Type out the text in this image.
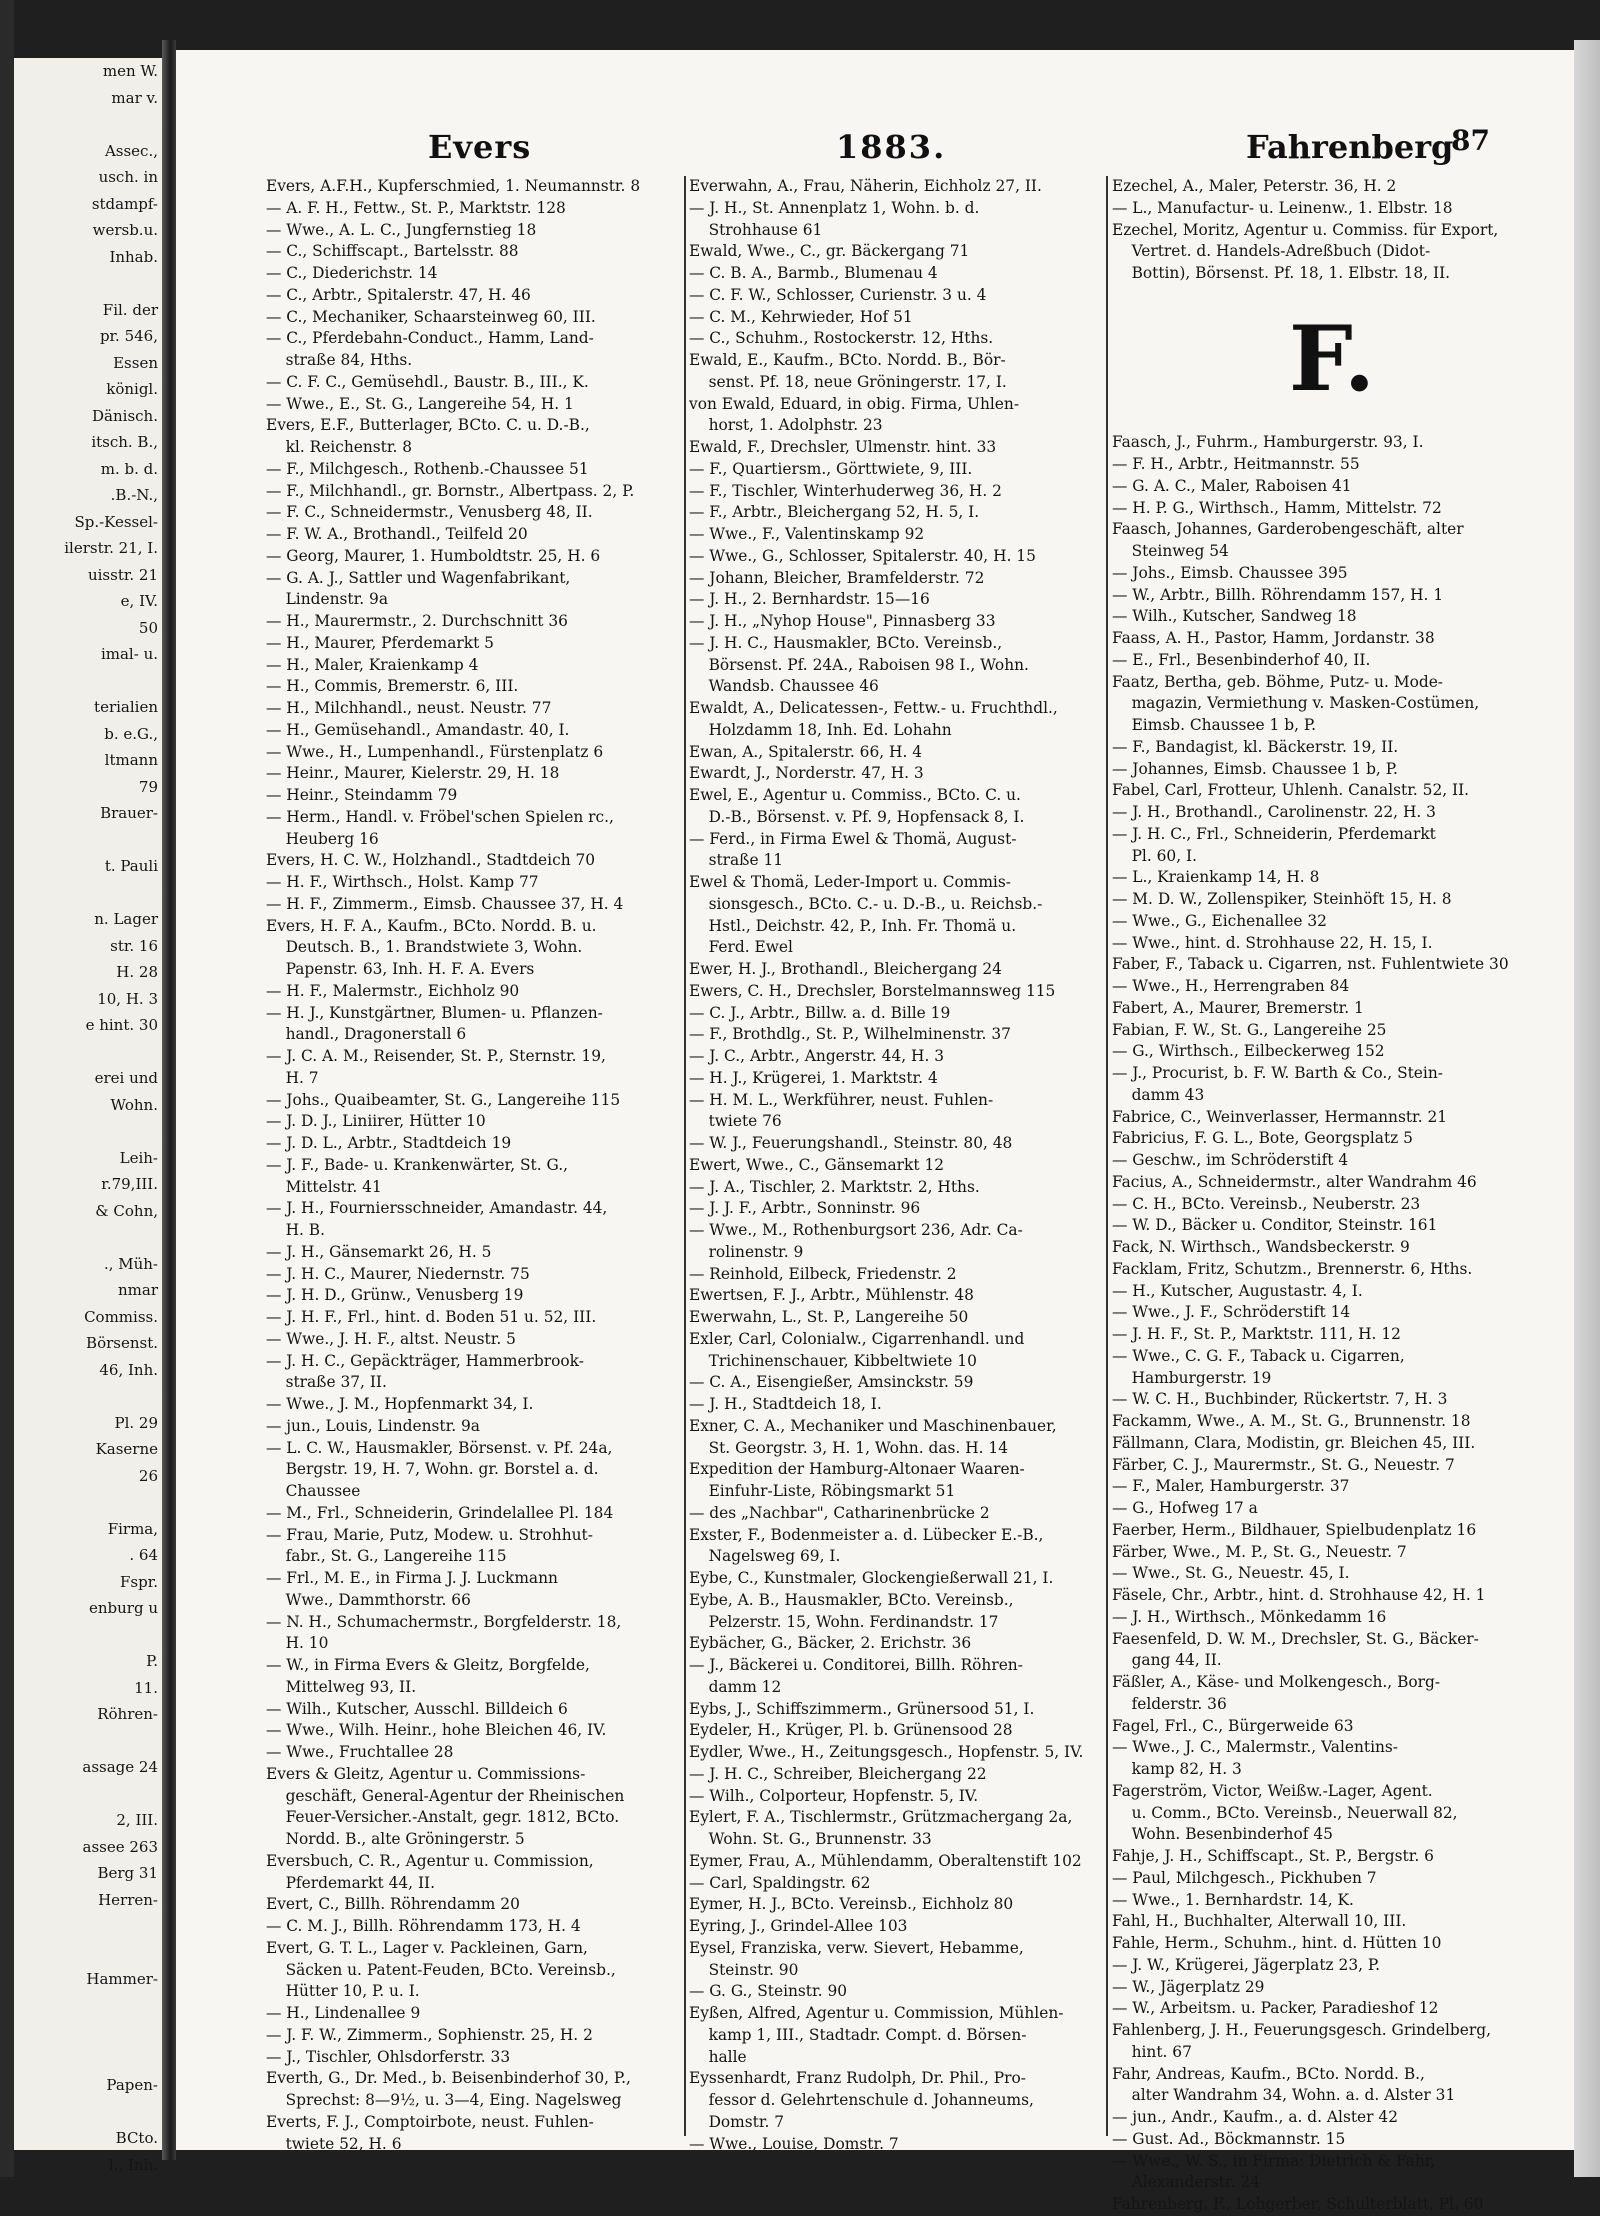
men W.
mar v.

Assec.,
usch. in
stdampf-
wersb.u.
Inhab.

Fil. der
pr. 546,
Essen
königl.
Dänisch.
itsch. B.,
m. b. d.
.B.-N.,
Sp.-Kessel-
ilerstr. 21, I.
uisstr. 21
e, IV.
50
imal- u.

terialien
b. e.G.,
ltmann
79
Brauer-

t. Pauli

n. Lager
str. 16
H. 28
10, H. 3
e hint. 30

erei und
Wohn.

Leih-
r.79,III.
& Cohn,

., Müh-
nmar
Commiss.
Börsenst.
46, Inh.

Pl. 29
Kaserne
26

Firma,
. 64
Fspr.
enburg u

P.
11.
Röhren-

assage 24

2, III.
assee 263
Berg 31
Herren-

Hammer-

Papen-

BCto.
l., Inh.
Evers	1883.	Fahrenberg
87
Evers, A.F.H., Kupferschmied, 1. Neumannstr. 8
— A. F. H., Fettw., St. P., Marktstr. 128
— Wwe., A. L. C., Jungfernstieg 18
— C., Schiffscapt., Bartelsstr. 88
— C., Diederichstr. 14
— C., Arbtr., Spitalerstr. 47, H. 46
— C., Mechaniker, Schaarsteinweg 60, III.
— C., Pferdebahn-Conduct., Hamm, Land-
straße 84, Hths.
— C. F. C., Gemüsehdl., Baustr. B., III., K.
— Wwe., E., St. G., Langereihe 54, H. 1
Evers, E.F., Butterlager, BCto. C. u. D.-B.,
kl. Reichenstr. 8
— F., Milchgesch., Rothenb.-Chaussee 51
— F., Milchhandl., gr. Bornstr., Albertpass. 2, P.
— F. C., Schneidermstr., Venusberg 48, II.
— F. W. A., Brothandl., Teilfeld 20
— Georg, Maurer, 1. Humboldtstr. 25, H. 6
— G. A. J., Sattler und Wagenfabrikant,
Lindenstr. 9a
— H., Maurermstr., 2. Durchschnitt 36
— H., Maurer, Pferdemarkt 5
— H., Maler, Kraienkamp 4
— H., Commis, Bremerstr. 6, III.
— H., Milchhandl., neust. Neustr. 77
— H., Gemüsehandl., Amandastr. 40, I.
— Wwe., H., Lumpenhandl., Fürstenplatz 6
— Heinr., Maurer, Kielerstr. 29, H. 18
— Heinr., Steindamm 79
— Herm., Handl. v. Fröbel'schen Spielen rc.,
Heuberg 16
Evers, H. C. W., Holzhandl., Stadtdeich 70
— H. F., Wirthsch., Holst. Kamp 77
— H. F., Zimmerm., Eimsb. Chaussee 37, H. 4
Evers, H. F. A., Kaufm., BCto. Nordd. B. u.
Deutsch. B., 1. Brandstwiete 3, Wohn.
Papenstr. 63, Inh. H. F. A. Evers
— H. F., Malermstr., Eichholz 90
— H. J., Kunstgärtner, Blumen- u. Pflanzen-
handl., Dragonerstall 6
— J. C. A. M., Reisender, St. P., Sternstr. 19,
H. 7
— Johs., Quaibeamter, St. G., Langereihe 115
— J. D. J., Liniirer, Hütter 10
— J. D. L., Arbtr., Stadtdeich 19
— J. F., Bade- u. Krankenwärter, St. G.,
Mittelstr. 41
— J. H., Fourniersschneider, Amandastr. 44,
H. B.
— J. H., Gänsemarkt 26, H. 5
— J. H. C., Maurer, Niedernstr. 75
— J. H. D., Grünw., Venusberg 19
— J. H. F., Frl., hint. d. Boden 51 u. 52, III.
— Wwe., J. H. F., altst. Neustr. 5
— J. H. C., Gepäckträger, Hammerbrook-
straße 37, II.
— Wwe., J. M., Hopfenmarkt 34, I.
— jun., Louis, Lindenstr. 9a
— L. C. W., Hausmakler, Börsenst. v. Pf. 24a,
Bergstr. 19, H. 7, Wohn. gr. Borstel a. d.
Chaussee
— M., Frl., Schneiderin, Grindelallee Pl. 184
— Frau, Marie, Putz, Modew. u. Strohhut-
fabr., St. G., Langereihe 115
— Frl., M. E., in Firma J. J. Luckmann
Wwe., Dammthorstr. 66
— N. H., Schumachermstr., Borgfelderstr. 18,
H. 10
— W., in Firma Evers & Gleitz, Borgfelde,
Mittelweg 93, II.
— Wilh., Kutscher, Ausschl. Billdeich 6
— Wwe., Wilh. Heinr., hohe Bleichen 46, IV.
— Wwe., Fruchtallee 28
Evers & Gleitz, Agentur u. Commissions-
geschäft, General-Agentur der Rheinischen
Feuer-Versicher.-Anstalt, gegr. 1812, BCto.
Nordd. B., alte Gröningerstr. 5
Eversbuch, C. R., Agentur u. Commission,
Pferdemarkt 44, II.
Evert, C., Billh. Röhrendamm 20
— C. M. J., Billh. Röhrendamm 173, H. 4
Evert, G. T. L., Lager v. Packleinen, Garn,
Säcken u. Patent-Feuden, BCto. Vereinsb.,
Hütter 10, P. u. I.
— H., Lindenallee 9
— J. F. W., Zimmerm., Sophienstr. 25, H. 2
— J., Tischler, Ohlsdorferstr. 33
Everth, G., Dr. Med., b. Beisenbinderhof 30, P.,
Sprechst: 8—9½, u. 3—4, Eing. Nagelsweg
Everts, F. J., Comptoirbote, neust. Fuhlen-
twiete 52, H. 6
Everwahn, A., Frau, Näherin, Eichholz 27, II.
— J. H., St. Annenplatz 1, Wohn. b. d.
Strohhause 61
Ewald, Wwe., C., gr. Bäckergang 71
— C. B. A., Barmb., Blumenau 4
— C. F. W., Schlosser, Curienstr. 3 u. 4
— C. M., Kehrwieder, Hof 51
— C., Schuhm., Rostockerstr. 12, Hths.
Ewald, E., Kaufm., BCto. Nordd. B., Bör-
senst. Pf. 18, neue Gröningerstr. 17, I.
von Ewald, Eduard, in obig. Firma, Uhlen-
horst, 1. Adolphstr. 23
Ewald, F., Drechsler, Ulmenstr. hint. 33
— F., Quartiersm., Görttwiete, 9, III.
— F., Tischler, Winterhuderweg 36, H. 2
— F., Arbtr., Bleichergang 52, H. 5, I.
— Wwe., F., Valentinskamp 92
— Wwe., G., Schlosser, Spitalerstr. 40, H. 15
— Johann, Bleicher, Bramfelderstr. 72
— J. H., 2. Bernhardstr. 15—16
— J. H., „Nyhop House", Pinnasberg 33
— J. H. C., Hausmakler, BCto. Vereinsb.,
Börsenst. Pf. 24A., Raboisen 98 I., Wohn.
Wandsb. Chaussee 46
Ewaldt, A., Delicatessen-, Fettw.- u. Fruchthdl.,
Holzdamm 18, Inh. Ed. Lohahn
Ewan, A., Spitalerstr. 66, H. 4
Ewardt, J., Norderstr. 47, H. 3
Ewel, E., Agentur u. Commiss., BCto. C. u.
D.-B., Börsenst. v. Pf. 9, Hopfensack 8, I.
— Ferd., in Firma Ewel & Thomä, August-
straße 11
Ewel & Thomä, Leder-Import u. Commis-
sionsgesch., BCto. C.- u. D.-B., u. Reichsb.-
Hstl., Deichstr. 42, P., Inh. Fr. Thomä u.
Ferd. Ewel
Ewer, H. J., Brothandl., Bleichergang 24
Ewers, C. H., Drechsler, Borstelmannsweg 115
— C. J., Arbtr., Billw. a. d. Bille 19
— F., Brothdlg., St. P., Wilhelminenstr. 37
— J. C., Arbtr., Angerstr. 44, H. 3
— H. J., Krügerei, 1. Marktstr. 4
— H. M. L., Werkführer, neust. Fuhlen-
twiete 76
— W. J., Feuerungshandl., Steinstr. 80, 48
Ewert, Wwe., C., Gänsemarkt 12
— J. A., Tischler, 2. Marktstr. 2, Hths.
— J. J. F., Arbtr., Sonninstr. 96
— Wwe., M., Rothenburgsort 236, Adr. Ca-
rolinenstr. 9
— Reinhold, Eilbeck, Friedenstr. 2
Ewertsen, F. J., Arbtr., Mühlenstr. 48
Ewerwahn, L., St. P., Langereihe 50
Exler, Carl, Colonialw., Cigarrenhandl. und
Trichinenschauer, Kibbeltwiete 10
— C. A., Eisengießer, Amsinckstr. 59
— J. H., Stadtdeich 18, I.
Exner, C. A., Mechaniker und Maschinenbauer,
St. Georgstr. 3, H. 1, Wohn. das. H. 14
Expedition der Hamburg-Altonaer Waaren-
Einfuhr-Liste, Röbingsmarkt 51
— des „Nachbar", Catharinenbrücke 2
Exster, F., Bodenmeister a. d. Lübecker E.-B.,
Nagelsweg 69, I.
Eybe, C., Kunstmaler, Glockengießerwall 21, I.
Eybe, A. B., Hausmakler, BCto. Vereinsb.,
Pelzerstr. 15, Wohn. Ferdinandstr. 17
Eybächer, G., Bäcker, 2. Erichstr. 36
— J., Bäckerei u. Conditorei, Billh. Röhren-
damm 12
Eybs, J., Schiffszimmerm., Grünersood 51, I.
Eydeler, H., Krüger, Pl. b. Grünensood 28
Eydler, Wwe., H., Zeitungsgesch., Hopfenstr. 5, IV.
— J. H. C., Schreiber, Bleichergang 22
— Wilh., Colporteur, Hopfenstr. 5, IV.
Eylert, F. A., Tischlermstr., Grützmachergang 2a,
Wohn. St. G., Brunnenstr. 33
Eymer, Frau, A., Mühlendamm, Oberaltenstift 102
— Carl, Spaldingstr. 62
Eymer, H. J., BCto. Vereinsb., Eichholz 80
Eyring, J., Grindel-Allee 103
Eysel, Franziska, verw. Sievert, Hebamme,
Steinstr. 90
— G. G., Steinstr. 90
Eyßen, Alfred, Agentur u. Commission, Mühlen-
kamp 1, III., Stadtadr. Compt. d. Börsen-
halle
Eyssenhardt, Franz Rudolph, Dr. Phil., Pro-
fessor d. Gelehrtenschule d. Johanneums,
Domstr. 7
— Wwe., Louise, Domstr. 7
Ezechel, A., Maler, Peterstr. 36, H. 2
— L., Manufactur- u. Leinenw., 1. Elbstr. 18
Ezechel, Moritz, Agentur u. Commiss. für Export,
Vertret. d. Handels-Adreßbuch (Didot-
Bottin), Börsenst. Pf. 18, 1. Elbstr. 18, II.

F.

Faasch, J., Fuhrm., Hamburgerstr. 93, I.
— F. H., Arbtr., Heitmannstr. 55
— G. A. C., Maler, Raboisen 41
— H. P. G., Wirthsch., Hamm, Mittelstr. 72
Faasch, Johannes, Garderobengeschäft, alter
Steinweg 54
— Johs., Eimsb. Chaussee 395
— W., Arbtr., Billh. Röhrendamm 157, H. 1
— Wilh., Kutscher, Sandweg 18
Faass, A. H., Pastor, Hamm, Jordanstr. 38
— E., Frl., Besenbinderhof 40, II.
Faatz, Bertha, geb. Böhme, Putz- u. Mode-
magazin, Vermiethung v. Masken-Costümen,
Eimsb. Chaussee 1 b, P.
— F., Bandagist, kl. Bäckerstr. 19, II.
— Johannes, Eimsb. Chaussee 1 b, P.
Fabel, Carl, Frotteur, Uhlenh. Canalstr. 52, II.
— J. H., Brothandl., Carolinenstr. 22, H. 3
— J. H. C., Frl., Schneiderin, Pferdemarkt
Pl. 60, I.
— L., Kraienkamp 14, H. 8
— M. D. W., Zollenspiker, Steinhöft 15, H. 8
— Wwe., G., Eichenallee 32
— Wwe., hint. d. Strohhause 22, H. 15, I.
Faber, F., Taback u. Cigarren, nst. Fuhlentwiete 30
— Wwe., H., Herrengraben 84
Fabert, A., Maurer, Bremerstr. 1
Fabian, F. W., St. G., Langereihe 25
— G., Wirthsch., Eilbeckerweg 152
— J., Procurist, b. F. W. Barth & Co., Stein-
damm 43
Fabrice, C., Weinverlasser, Hermannstr. 21
Fabricius, F. G. L., Bote, Georgsplatz 5
— Geschw., im Schröderstift 4
Facius, A., Schneidermstr., alter Wandrahm 46
— C. H., BCto. Vereinsb., Neuberstr. 23
— W. D., Bäcker u. Conditor, Steinstr. 161
Fack, N. Wirthsch., Wandsbeckerstr. 9
Facklam, Fritz, Schutzm., Brennerstr. 6, Hths.
— H., Kutscher, Augustastr. 4, I.
— Wwe., J. F., Schröderstift 14
— J. H. F., St. P., Marktstr. 111, H. 12
— Wwe., C. G. F., Taback u. Cigarren,
Hamburgerstr. 19
— W. C. H., Buchbinder, Rückertstr. 7, H. 3
Fackamm, Wwe., A. M., St. G., Brunnenstr. 18
Fällmann, Clara, Modistin, gr. Bleichen 45, III.
Färber, C. J., Maurermstr., St. G., Neuestr. 7
— F., Maler, Hamburgerstr. 37
— G., Hofweg 17 a
Faerber, Herm., Bildhauer, Spielbudenplatz 16
Färber, Wwe., M. P., St. G., Neuestr. 7
— Wwe., St. G., Neuestr. 45, I.
Fäsele, Chr., Arbtr., hint. d. Strohhause 42, H. 1
— J. H., Wirthsch., Mönkedamm 16
Faesenfeld, D. W. M., Drechsler, St. G., Bäcker-
gang 44, II.
Fäßler, A., Käse- und Molkengesch., Borg-
felderstr. 36
Fagel, Frl., C., Bürgerweide 63
— Wwe., J. C., Malermstr., Valentins-
kamp 82, H. 3
Fagerström, Victor, Weißw.-Lager, Agent.
u. Comm., BCto. Vereinsb., Neuerwall 82,
Wohn. Besenbinderhof 45
Fahje, J. H., Schiffscapt., St. P., Bergstr. 6
— Paul, Milchgesch., Pickhuben 7
— Wwe., 1. Bernhardstr. 14, K.
Fahl, H., Buchhalter, Alterwall 10, III.
Fahle, Herm., Schuhm., hint. d. Hütten 10
— J. W., Krügerei, Jägerplatz 23, P.
— W., Jägerplatz 29
— W., Arbeitsm. u. Packer, Paradieshof 12
Fahlenberg, J. H., Feuerungsgesch. Grindelberg,
hint. 67
Fahr, Andreas, Kaufm., BCto. Nordd. B.,
alter Wandrahm 34, Wohn. a. d. Alster 31
— jun., Andr., Kaufm., a. d. Alster 42
— Gust. Ad., Böckmannstr. 15
— Wwe., W. S., in Firma: Dietrich & Fahr,
Alexanderstr. 24
Fahrenberg, F., Lohgerber, Schulterblatt, Pl. 60
